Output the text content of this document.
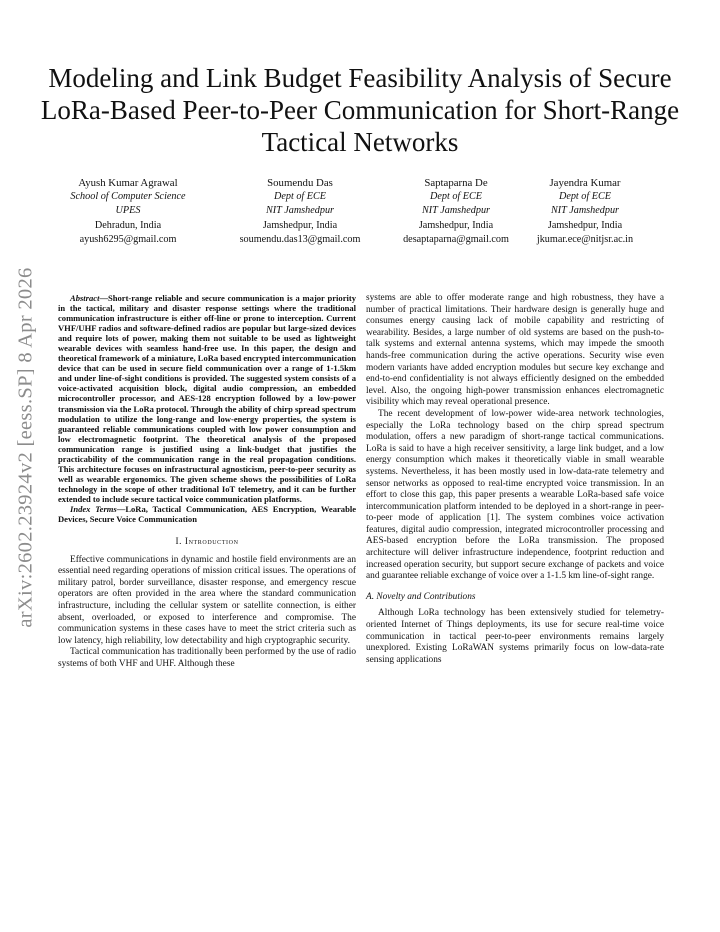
arXiv:2602.23924v2 [eess.SP] 8 Apr 2026
Modeling and Link Budget Feasibility Analysis of Secure LoRa-Based Peer-to-Peer Communication for Short-Range Tactical Networks
Ayush Kumar Agrawal
School of Computer Science
UPES
Dehradun, India
ayush6295@gmail.com
Soumendu Das
Dept of ECE
NIT Jamshedpur
Jamshedpur, India
soumendu.das13@gmail.com
Saptaparna De
Dept of ECE
NIT Jamshedpur
Jamshedpur, India
desaptaparna@gmail.com
Jayendra Kumar
Dept of ECE
NIT Jamshedpur
Jamshedpur, India
jkumar.ece@nitjsr.ac.in

Abstract—Short-range reliable and secure communication is a major priority in the tactical, military and disaster response settings where the traditional communication infrastructure is either off-line or prone to interception. Current VHF/UHF radios and software-defined radios are popular but large-sized devices and require lots of power, making them not suitable to be used as lightweight wearable devices with seamless hand-free use. In this paper, the design and theoretical framework of a miniature, LoRa based encrypted intercommunication device that can be used in secure field communication over a range of 1-1.5km and under line-of-sight conditions is provided. The suggested system consists of a voice-activated acquisition block, digital audio compression, an embedded microcontroller processor, and AES-128 encryption followed by a low-power transmission via the LoRa protocol. Through the ability of chirp spread spectrum modulation to utilize the long-range and low-energy properties, the system is guaranteed reliable communications coupled with low power consumption and low electromagnetic footprint. The theoretical analysis of the proposed communication range is justified using a link-budget that justifies the practicability of the communication range in the real propagation conditions. This architecture focuses on infrastructural agnosticism, peer-to-peer security as well as wearable ergonomics. The given scheme shows the possibilities of LoRa technology in the scope of other traditional IoT telemetry, and it can be further extended to include secure tactical voice communication platforms.

Index Terms—LoRa, Tactical Communication, AES Encryption, Wearable Devices, Secure Voice Communication

I. Introduction

Effective communications in dynamic and hostile field environments are an essential need regarding operations of mission critical issues. The operations of military patrol, border surveillance, disaster response, and emergency rescue operators are often provided in the area where the standard communication infrastructure, including the cellular system or satellite connection, is either absent, overloaded, or exposed to interference and compromise. The communication systems in these cases have to meet the strict criteria such as low latency, high reliability, low detectability and high cryptographic security.

Tactical communication has traditionally been performed by the use of radio systems of both VHF and UHF. Although these

systems are able to offer moderate range and high robustness, they have a number of practical limitations. Their hardware design is generally huge and consumes energy causing lack of mobile capability and restricting of wearability. Besides, a large number of old systems are based on the push-to-talk systems and external antenna systems, which may impede the smooth hands-free communication during the active operations. Security wise even modern variants have added encryption modules but secure key exchange and end-to-end confidentiality is not always efficiently designed on the embedded level. Also, the ongoing high-power transmission enhances electromagnetic visibility which may reveal operational presence.

The recent development of low-power wide-area network technologies, especially the LoRa technology based on the chirp spread spectrum modulation, offers a new paradigm of short-range tactical communications. LoRa is said to have a high receiver sensitivity, a large link budget, and a low energy consumption which makes it theoretically viable in small wearable systems. Nevertheless, it has been mostly used in low-data-rate telemetry and sensor networks as opposed to real-time encrypted voice transmission. In an effort to close this gap, this paper presents a wearable LoRa-based safe voice intercommunication platform intended to be deployed in a short-range in peer-to-peer mode of application [1]. The system combines voice activation features, digital audio compression, integrated microcontroller processing and AES-based encryption before the LoRa transmission. The proposed architecture will deliver infrastructure independence, footprint reduction and increased operation security, but support secure exchange of packets and voice and guarantee reliable exchange of voice over a 1-1.5 km line-of-sight range.

A. Novelty and Contributions

Although LoRa technology has been extensively studied for telemetry-oriented Internet of Things deployments, its use for secure real-time voice communication in tactical peer-to-peer environments remains largely unexplored. Existing LoRaWAN systems primarily focus on low-data-rate sensing applications
